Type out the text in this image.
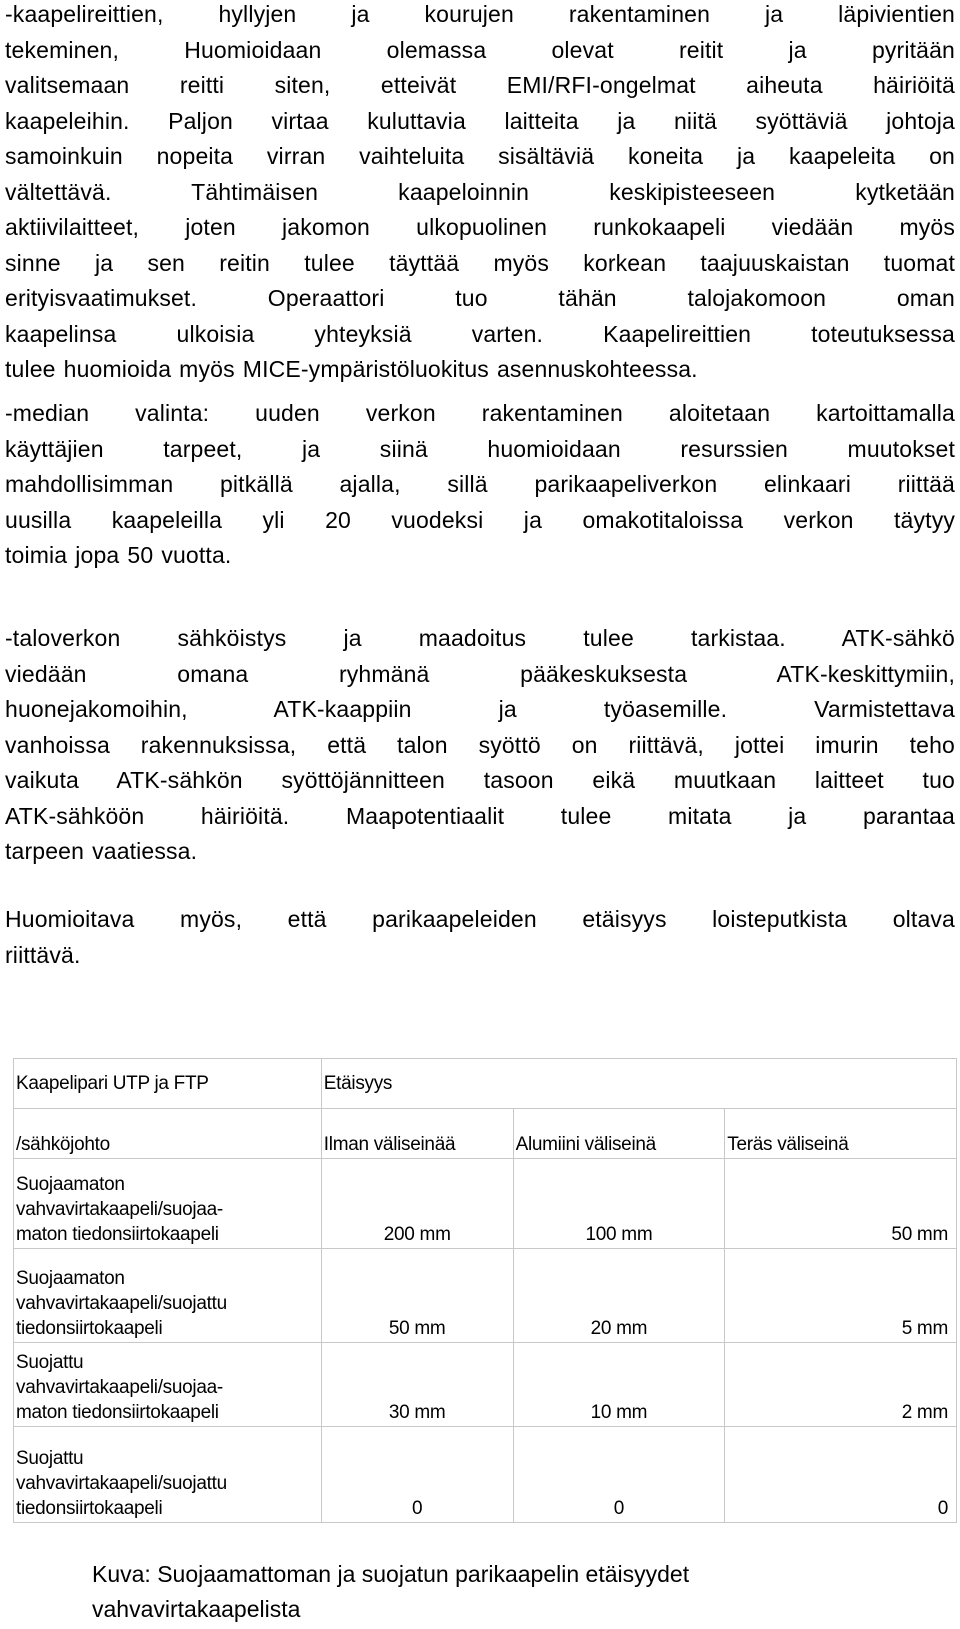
-kaapelireittien, hyllyjen ja kourujen rakentaminen ja läpivientien
tekeminen, Huomioidaan olemassa olevat reitit ja pyritään
valitsemaan reitti siten, etteivät EMI/RFI-ongelmat aiheuta häiriöitä
kaapeleihin. Paljon virtaa kuluttavia laitteita ja niitä syöttäviä johtoja
samoinkuin nopeita virran vaihteluita sisältäviä koneita ja kaapeleita on
vältettävä. Tähtimäisen kaapeloinnin keskipisteeseen kytketään
aktiivilaitteet, joten jakomon ulkopuolinen runkokaapeli viedään myös
sinne ja sen reitin tulee täyttää myös korkean taajuuskaistan tuomat
erityisvaatimukset. Operaattori tuo tähän talojakomoon oman
kaapelinsa ulkoisia yhteyksiä varten. Kaapelireittien toteutuksessa
tulee huomioida myös MICE-ympäristöluokitus asennuskohteessa.
-median valinta: uuden verkon rakentaminen aloitetaan kartoittamalla
käyttäjien tarpeet, ja siinä huomioidaan resurssien muutokset
mahdollisimman pitkällä ajalla, sillä parikaapeliverkon elinkaari riittää
uusilla kaapeleilla yli 20 vuodeksi ja omakotitaloissa verkon täytyy
toimia jopa 50 vuotta.
-taloverkon sähköistys ja maadoitus tulee tarkistaa. ATK-sähkö
viedään omana ryhmänä pääkeskuksesta ATK-keskittymiin,
huonejakomoihin, ATK-kaappiin ja työasemille. Varmistettava
vanhoissa rakennuksissa, että talon syöttö on riittävä, jottei imurin teho
vaikuta ATK-sähkön syöttöjännitteen tasoon eikä muutkaan laitteet tuo
ATK-sähköön häiriöitä. Maapotentiaalit tulee mitata ja parantaa
tarpeen vaatiessa.
Huomioitava myös, että parikaapeleiden etäisyys loisteputkista oltava
riittävä.
Kaapelipari UTP ja FTP	Etäisyys		
/sähköjohto	Ilman väliseinää	Alumiini väliseinä	Teräs väliseinä

Suojaamaton
vahvavirtakaapeli/suojaa-
maton tiedonsiirtokaapeli	200 mm	100 mm	50 mm

Suojaamaton
vahvavirtakaapeli/suojattu
tiedonsiirtokaapeli	50 mm	20 mm	5 mm

Suojattu
vahvavirtakaapeli/suojaa-
maton tiedonsiirtokaapeli	30 mm	10 mm	2 mm

Suojattu
vahvavirtakaapeli/suojattu
tiedonsiirtokaapeli	0	0	0
Kuva: Suojaamattoman ja suojatun parikaapelin etäisyydet
vahvavirtakaapelista
